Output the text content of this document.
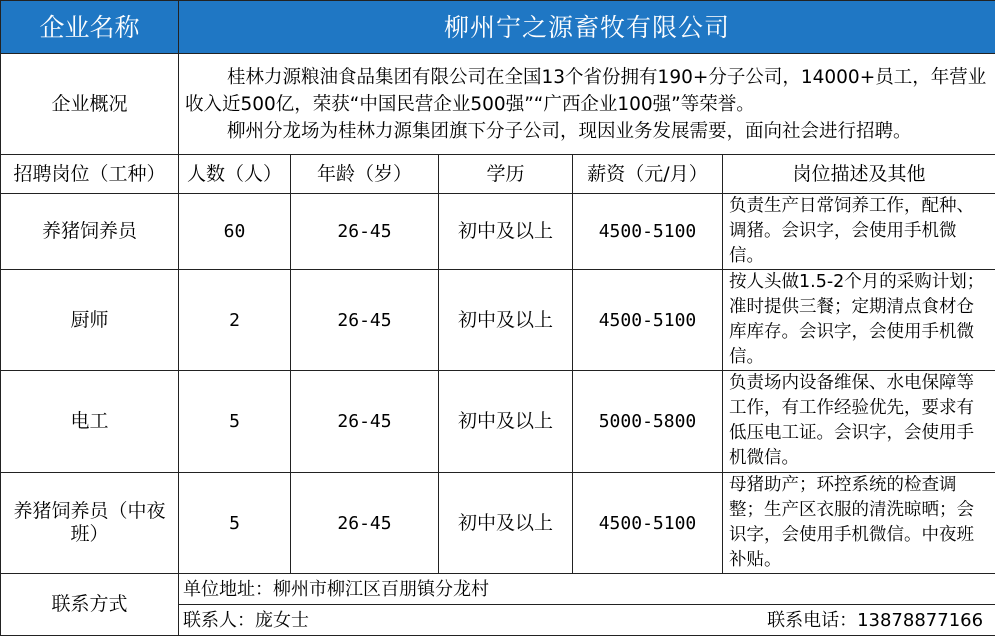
企业名称	柳州宁之源畜牧有限公司				
企业概况	桂林力源粮油食品集团有限公司在全国13个省份拥有190+分子公司，14000+员工，年营业收入近500亿，荣获“中国民营企业500强”“广西企业100强”等荣誉。

柳州分龙场为桂林力源集团旗下分子公司，现因业务发展需要，面向社会进行招聘。				

招聘岗位（工种）	人数（人）	年龄（岁）	学历	薪资（元/月）	岗位描述及其他
养猪饲养员	60	26-45	初中及以上	4500-5100	负责生产日常饲养工作，配种、调猪。会识字，会使用手机微信。
厨师	2	26-45	初中及以上	4500-5100	按人头做1.5-2个月的采购计划；准时提供三餐；定期清点食材仓库库存。会识字，会使用手机微信。
电工	5	26-45	初中及以上	5000-5800	负责场内设备维保、水电保障等工作，有工作经验优先，要求有低压电工证。会识字，会使用手机微信。
养猪饲养员（中夜班）	5	26-45	初中及以上	4500-5100	母猪助产；环控系统的检查调整；生产区衣服的清洗晾晒；会识字，会使用手机微信。中夜班补贴。
联系方式	单位地址：柳州市柳江区百朋镇分龙村				
	联系人：庞女士 联系电话：13878877166				
